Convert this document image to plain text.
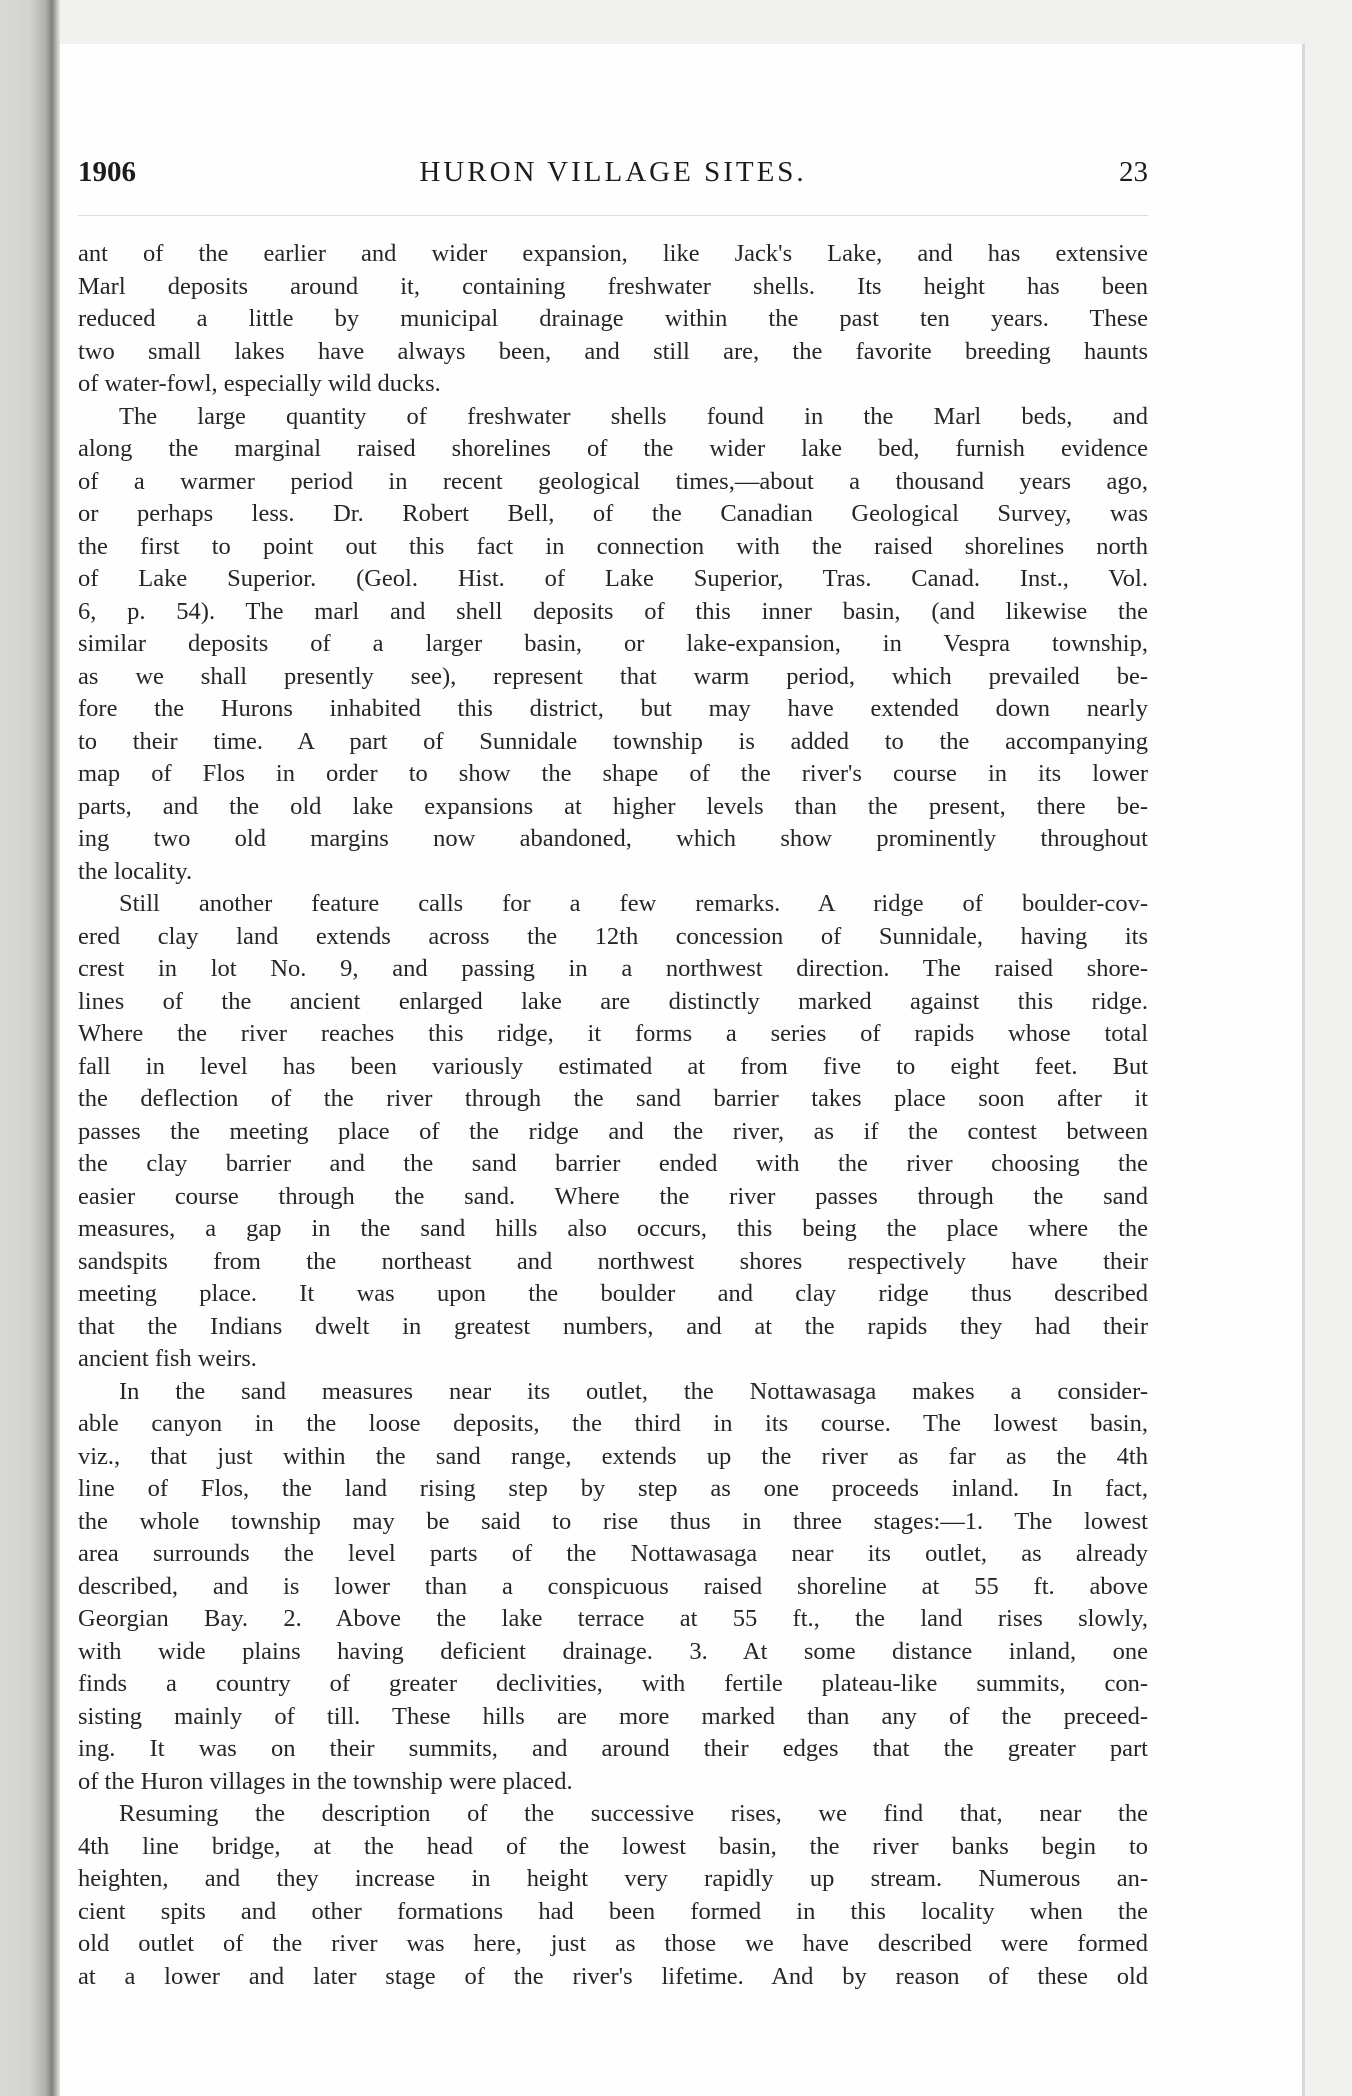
1906	HURON VILLAGE SITES.	23
ant of the earlier and wider expansion, like Jack's Lake, and has extensive
Marl deposits around it, containing freshwater shells. Its height has been
reduced a little by municipal drainage within the past ten years. These
two small lakes have always been, and still are, the favorite breeding haunts
of water-fowl, especially wild ducks.
The large quantity of freshwater shells found in the Marl beds, and
along the marginal raised shorelines of the wider lake bed, furnish evidence
of a warmer period in recent geological times,—about a thousand years ago,
or perhaps less. Dr. Robert Bell, of the Canadian Geological Survey, was
the first to point out this fact in connection with the raised shorelines north
of Lake Superior. (Geol. Hist. of Lake Superior, Tras. Canad. Inst., Vol.
6, p. 54). The marl and shell deposits of this inner basin, (and likewise the
similar deposits of a larger basin, or lake-expansion, in Vespra township,
as we shall presently see), represent that warm period, which prevailed be-
fore the Hurons inhabited this district, but may have extended down nearly
to their time. A part of Sunnidale township is added to the accompanying
map of Flos in order to show the shape of the river's course in its lower
parts, and the old lake expansions at higher levels than the present, there be-
ing two old margins now abandoned, which show prominently throughout
the locality.
Still another feature calls for a few remarks. A ridge of boulder-cov-
ered clay land extends across the 12th concession of Sunnidale, having its
crest in lot No. 9, and passing in a northwest direction. The raised shore-
lines of the ancient enlarged lake are distinctly marked against this ridge.
Where the river reaches this ridge, it forms a series of rapids whose total
fall in level has been variously estimated at from five to eight feet. But
the deflection of the river through the sand barrier takes place soon after it
passes the meeting place of the ridge and the river, as if the contest between
the clay barrier and the sand barrier ended with the river choosing the
easier course through the sand. Where the river passes through the sand
measures, a gap in the sand hills also occurs, this being the place where the
sandspits from the northeast and northwest shores respectively have their
meeting place. It was upon the boulder and clay ridge thus described
that the Indians dwelt in greatest numbers, and at the rapids they had their
ancient fish weirs.
In the sand measures near its outlet, the Nottawasaga makes a consider-
able canyon in the loose deposits, the third in its course. The lowest basin,
viz., that just within the sand range, extends up the river as far as the 4th
line of Flos, the land rising step by step as one proceeds inland. In fact,
the whole township may be said to rise thus in three stages:—1. The lowest
area surrounds the level parts of the Nottawasaga near its outlet, as already
described, and is lower than a conspicuous raised shoreline at 55 ft. above
Georgian Bay. 2. Above the lake terrace at 55 ft., the land rises slowly,
with wide plains having deficient drainage. 3. At some distance inland, one
finds a country of greater declivities, with fertile plateau-like summits, con-
sisting mainly of till. These hills are more marked than any of the preceed-
ing. It was on their summits, and around their edges that the greater part
of the Huron villages in the township were placed.
Resuming the description of the successive rises, we find that, near the
4th line bridge, at the head of the lowest basin, the river banks begin to
heighten, and they increase in height very rapidly up stream. Numerous an-
cient spits and other formations had been formed in this locality when the
old outlet of the river was here, just as those we have described were formed
at a lower and later stage of the river's lifetime. And by reason of these old
